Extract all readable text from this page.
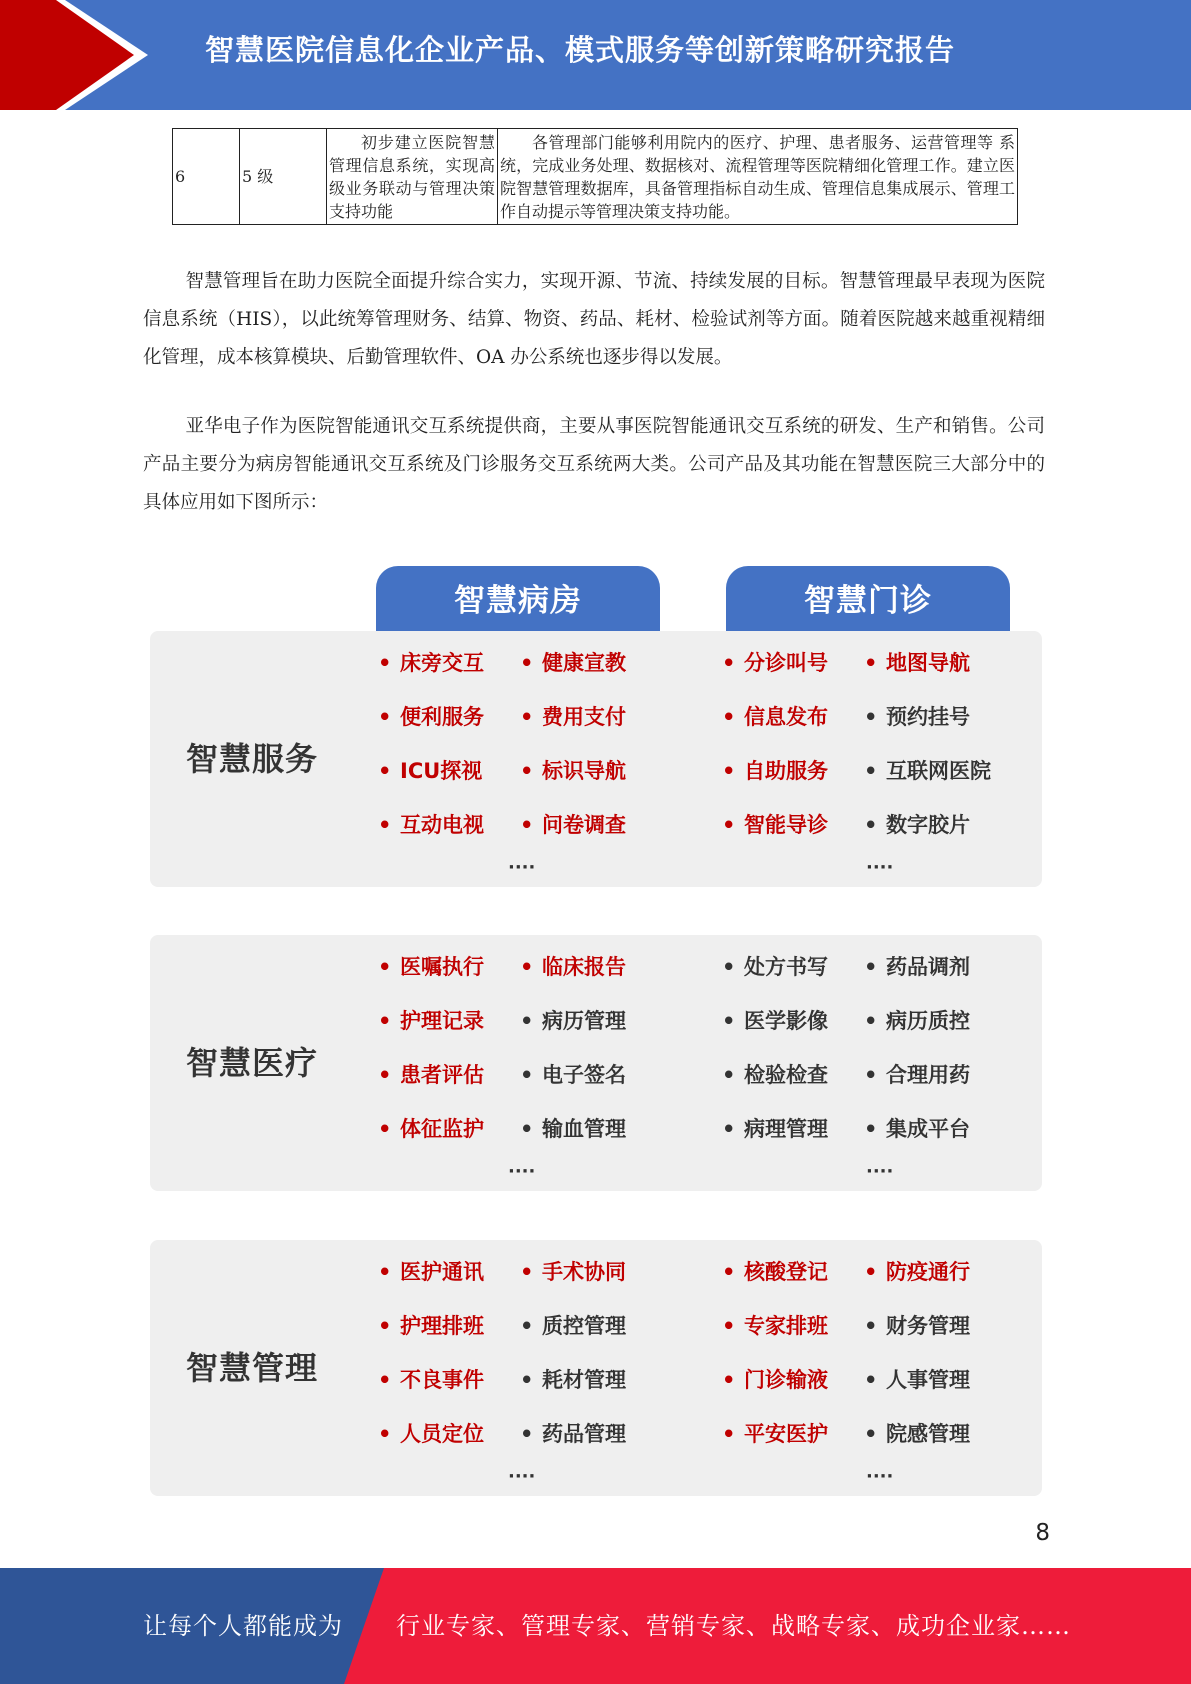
智慧医院信息化企业产品、模式服务等创新策略研究报告
6	5 级	初步建立医院智慧 管理信息系统，实现高级业务联动与管理决策支持功能	各管理部门能够利用院内的医疗、护理、患者服务、运营管理等 系统，完成业务处理、数据核对、流程管理等医院精细化管理工作。建立医院智慧管理数据库，具备管理指标自动生成、管理信息集成展示、管理工作自动提示等管理决策支持功能。

智慧管理旨在助力医院全面提升综合实力，实现开源、节流、持续发展的目标。智慧管理最早表现为医院信息系统（HIS），以此统筹管理财务、结算、物资、药品、耗材、检验试剂等方面。随着医院越来越重视精细化管理，成本核算模块、后勤管理软件、OA 办公系统也逐步得以发展。

亚华电子作为医院智能通讯交互系统提供商，主要从事医院智能通讯交互系统的研发、生产和销售。公司产品主要分为病房智能通讯交互系统及门诊服务交互系统两大类。公司产品及其功能在智慧医院三大部分中的具体应用如下图所示：

智慧病房	智慧门诊
智慧服务
• 床旁交互 • 健康宣教
• 便利服务 • 费用支付
• ICU探视 • 标识导航
• 互动电视 • 问卷调查
····
• 分诊叫号 • 地图导航
• 信息发布 • 预约挂号
• 自助服务 • 互联网医院
• 智能导诊 • 数字胶片
····
智慧医疗
• 医嘱执行 • 临床报告
• 护理记录 • 病历管理
• 患者评估 • 电子签名
• 体征监护 • 输血管理
····
• 处方书写 • 药品调剂
• 医学影像 • 病历质控
• 检验检查 • 合理用药
• 病理管理 • 集成平台
····
智慧管理
• 医护通讯 • 手术协同
• 护理排班 • 质控管理
• 不良事件 • 耗材管理
• 人员定位 • 药品管理
····
• 核酸登记 • 防疫通行
• 专家排班 • 财务管理
• 门诊输液 • 人事管理
• 平安医护 • 院感管理
····
8
让每个人都能成为 行业专家、管理专家、营销专家、战略专家、成功企业家……
